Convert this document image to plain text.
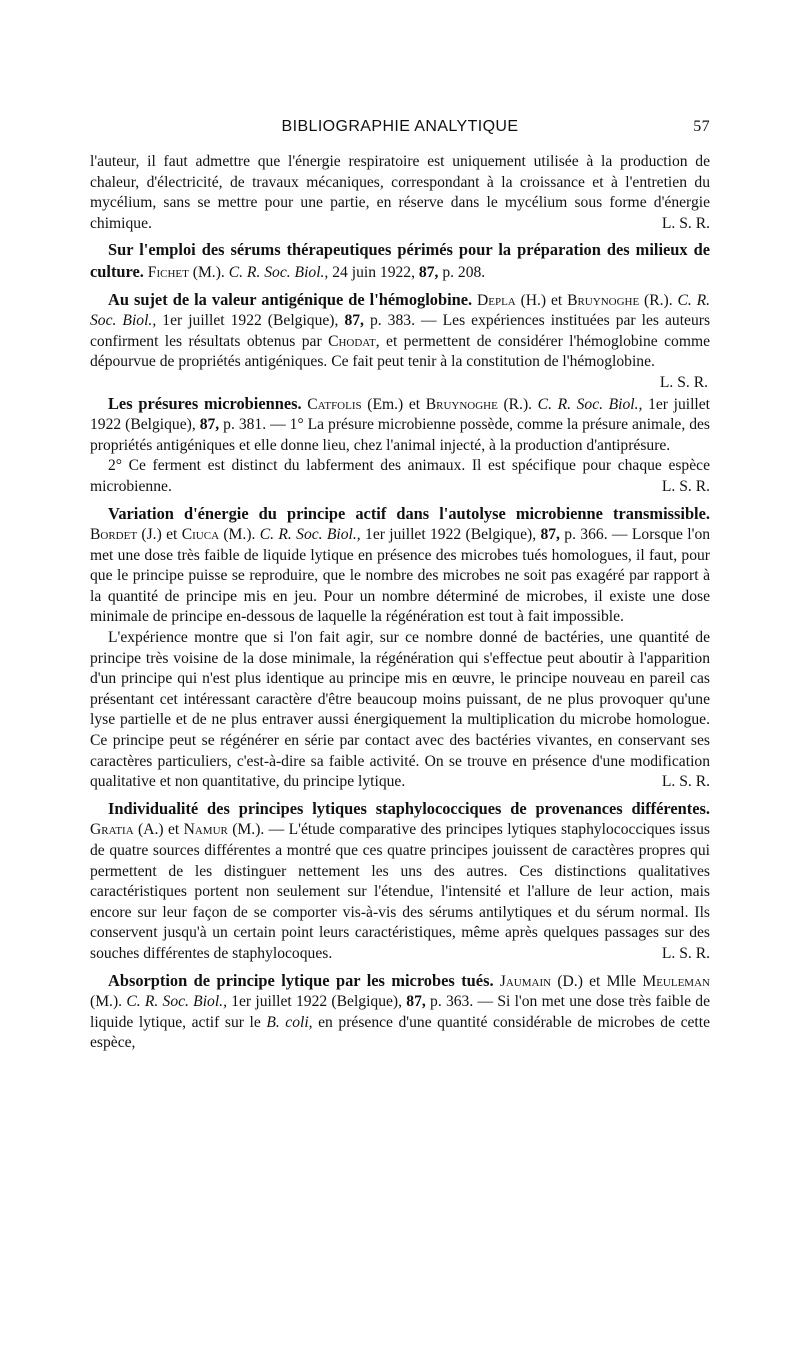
BIBLIOGRAPHIE ANALYTIQUE	57

l'auteur, il faut admettre que l'énergie respiratoire est uniquement utilisée à la production de chaleur, d'électricité, de travaux mécaniques, correspondant à la croissance et à l'entretien du mycélium, sans se mettre pour une partie, en réserve dans le mycélium sous forme d'énergie chimique.	L. S. R.

Sur l'emploi des sérums thérapeutiques périmés pour la préparation des milieux de culture. Fichet (M.). C. R. Soc. Biol., 24 juin 1922, 87, p. 208.

Au sujet de la valeur antigénique de l'hémoglobine. Depla (H.) et Bruynoghe (R.). C. R. Soc. Biol., 1er juillet 1922 (Belgique), 87, p. 383. — Les expériences instituées par les auteurs confirment les résultats obtenus par Chodat, et permettent de considérer l'hémoglobine comme dépourvue de propriétés antigéniques. Ce fait peut tenir à la constitution de l'hémoglobine.
L. S. R.

Les présures microbiennes. Catfolis (Em.) et Bruynoghe (R.). C. R. Soc. Biol., 1er juillet 1922 (Belgique), 87, p. 381. — 1° La présure microbienne possède, comme la présure animale, des propriétés antigéniques et elle donne lieu, chez l'animal injecté, à la production d'antiprésure.

2° Ce ferment est distinct du labferment des animaux. Il est spécifique pour chaque espèce microbienne.	L. S. R.

Variation d'énergie du principe actif dans l'autolyse microbienne transmissible. Bordet (J.) et Ciuca (M.). C. R. Soc. Biol., 1er juillet 1922 (Belgique), 87, p. 366. — Lorsque l'on met une dose très faible de liquide lytique en présence des microbes tués homologues, il faut, pour que le principe puisse se reproduire, que le nombre des microbes ne soit pas exagéré par rapport à la quantité de principe mis en jeu. Pour un nombre déterminé de microbes, il existe une dose minimale de principe en-dessous de laquelle la régénération est tout à fait impossible.

L'expérience montre que si l'on fait agir, sur ce nombre donné de bactéries, une quantité de principe très voisine de la dose minimale, la régénération qui s'effectue peut aboutir à l'apparition d'un principe qui n'est plus identique au principe mis en œuvre, le principe nouveau en pareil cas présentant cet intéressant caractère d'être beaucoup moins puissant, de ne plus provoquer qu'une lyse partielle et de ne plus entraver aussi énergiquement la multiplication du microbe homologue. Ce principe peut se régénérer en série par contact avec des bactéries vivantes, en conservant ses caractères particuliers, c'est-à-dire sa faible activité. On se trouve en présence d'une modification qualitative et non quantitative, du principe lytique.	L. S. R.

Individualité des principes lytiques staphylococciques de provenances différentes. Gratia (A.) et Namur (M.). — L'étude comparative des principes lytiques staphylococciques issus de quatre sources différentes a montré que ces quatre principes jouissent de caractères propres qui permettent de les distinguer nettement les uns des autres. Ces distinctions qualitatives caractéristiques portent non seulement sur l'étendue, l'intensité et l'allure de leur action, mais encore sur leur façon de se comporter vis-à-vis des sérums antilytiques et du sérum normal. Ils conservent jusqu'à un certain point leurs caractéristiques, même après quelques passages sur des souches différentes de staphylocoques.	L. S. R.

Absorption de principe lytique par les microbes tués. Jaumain (D.) et Mlle Meuleman (M.). C. R. Soc. Biol., 1er juillet 1922 (Belgique), 87, p. 363. — Si l'on met une dose très faible de liquide lytique, actif sur le B. coli, en présence d'une quantité considérable de microbes de cette espèce,
